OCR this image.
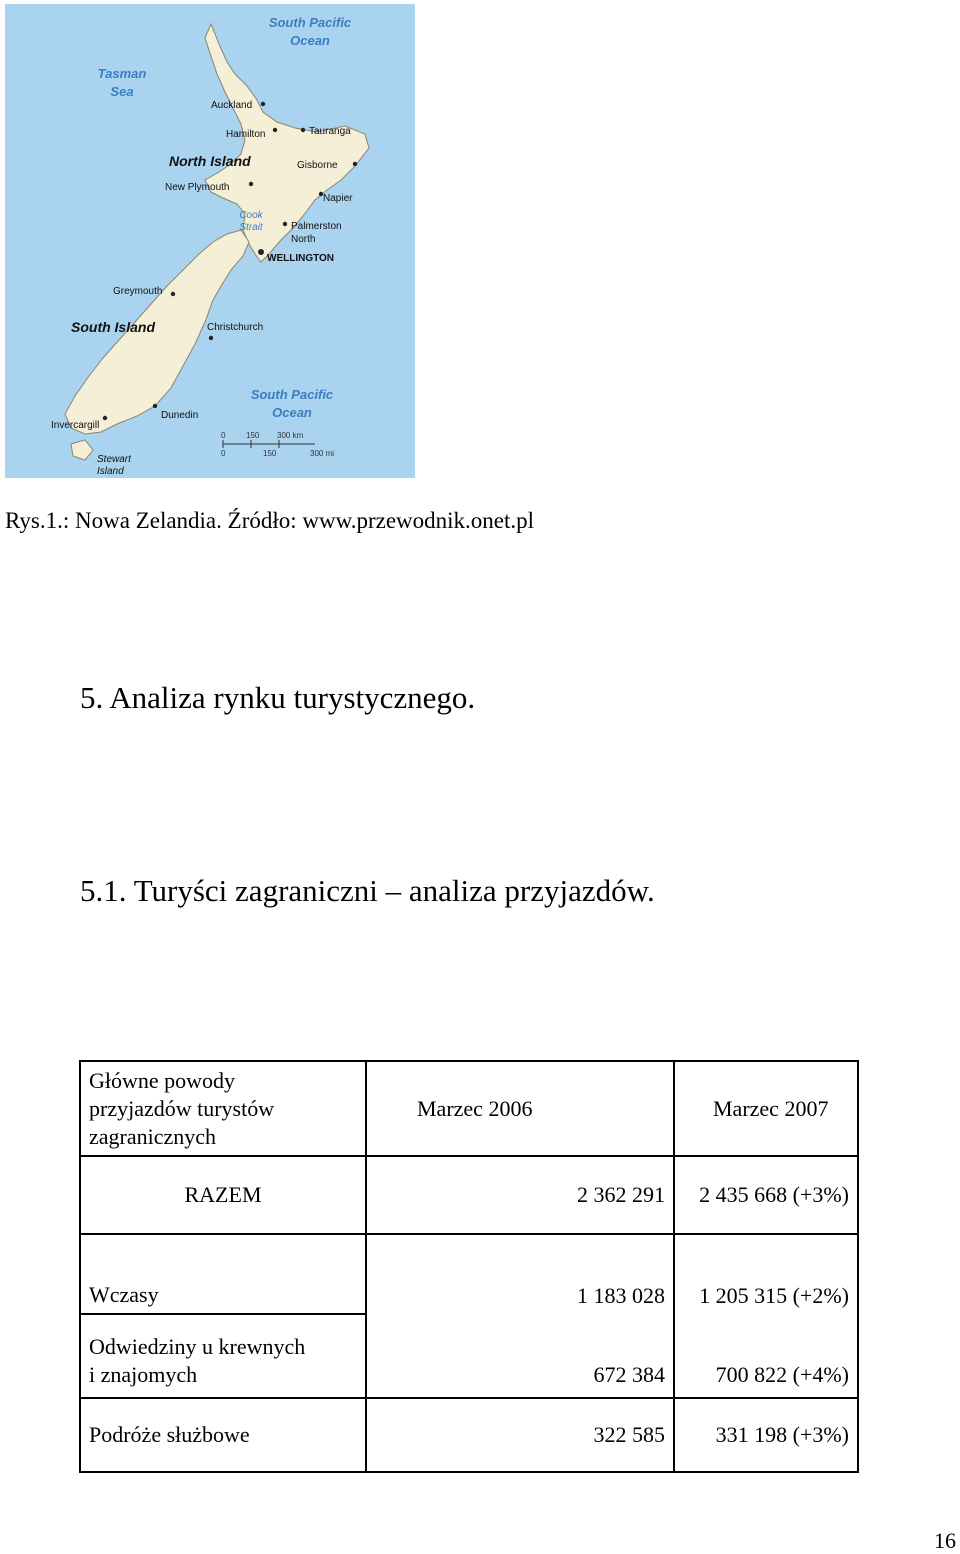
South Pacific
Ocean
Tasman
Sea
South Pacific
Ocean
Cook
Strait
North Island
South Island
Auckland
Hamilton	Tauranga
Gisborne
New Plymouth
Napier
Palmerston
North
WELLINGTON
Greymouth
Christchurch
Dunedin
Invercargill
Stewart
Island
0	150 300 km
0	150	300 mi
Rys.1.: Nowa Zelandia. Źródło: www.przewodnik.onet.pl
5. Analiza rynku turystycznego.
5.1. Turyści zagraniczni – analiza przyjazdów.
Główne powody
przyjazdów turystów
zagranicznych	Marzec 2006	Marzec 2007
RAZEM	2 362 291	2 435 668 (+3%)
Wczasy	1 183 028	1 205 315 (+2%)

Odwiedziny u krewnych
i znajomych	672 384	700 822 (+4%)
Podróże służbowe	322 585	331 198 (+3%)
16
